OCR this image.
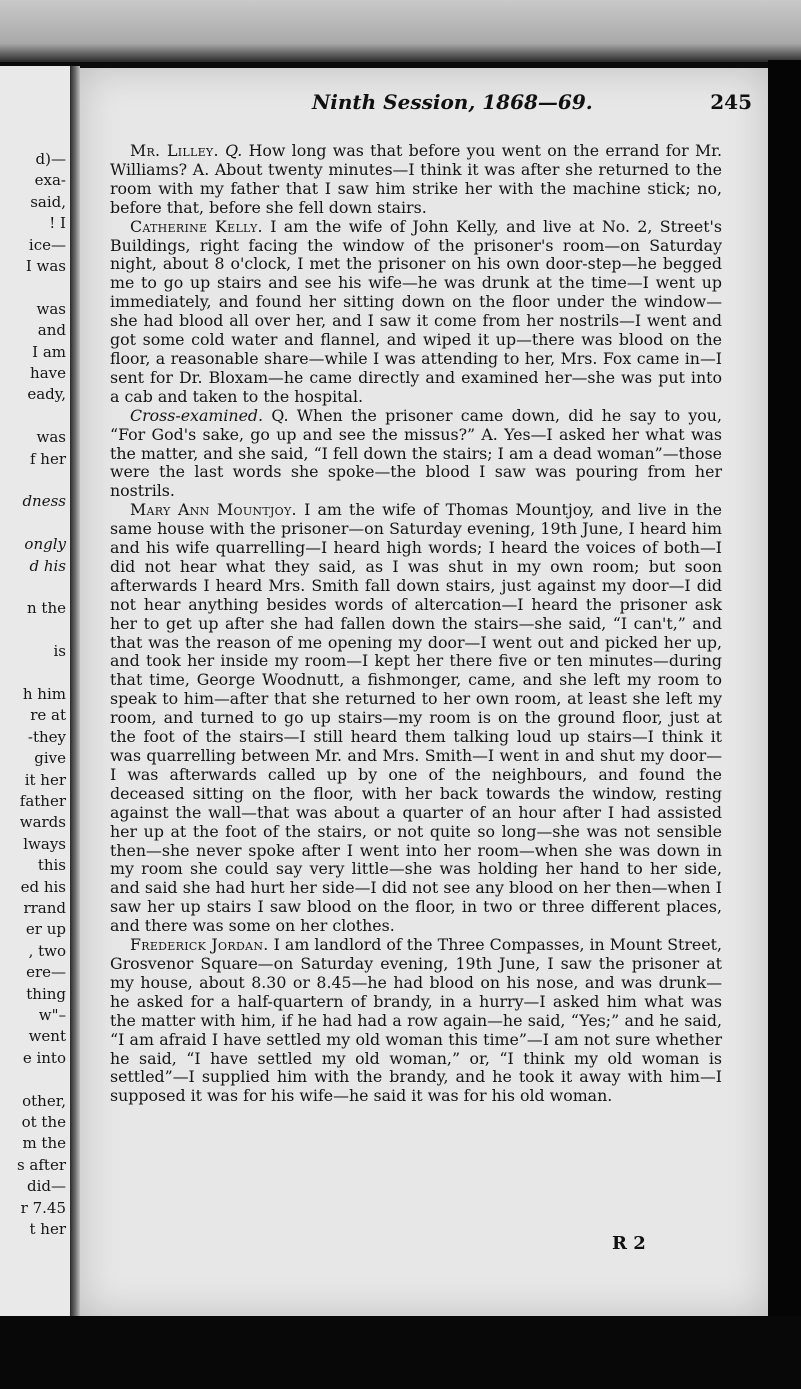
d)—
exa-
said,
! I
ice—
I was
was
and
I am
have
eady,
was
f her
dness
ongly
d his
n the
is
h him
re at
-they
give
it her
father
wards
lways
this
ed his
rrand
er up
, two
ere—
thing
w"–
went
e into
other,
ot the
m the
s after
did—
r 7.45
t her
Ninth Session, 1868—69.	245

Mr. Lilley. Q. How long was that before you went on the errand for Mr. Williams? A. About twenty minutes—I think it was after she returned to the room with my father that I saw him strike her with the machine stick; no, before that, before she fell down stairs.

Catherine Kelly. I am the wife of John Kelly, and live at No. 2, Street's Buildings, right facing the window of the prisoner's room—on Saturday night, about 8 o'clock, I met the prisoner on his own door-step—he begged me to go up stairs and see his wife—he was drunk at the time—I went up immediately, and found her sitting down on the floor under the window—she had blood all over her, and I saw it come from her nostrils—I went and got some cold water and flannel, and wiped it up—there was blood on the floor, a reasonable share—while I was attending to her, Mrs. Fox came in—I sent for Dr. Bloxam—he came directly and examined her—she was put into a cab and taken to the hospital.

Cross-examined. Q. When the prisoner came down, did he say to you, “For God's sake, go up and see the missus?” A. Yes—I asked her what was the matter, and she said, “I fell down the stairs; I am a dead woman”—those were the last words she spoke—the blood I saw was pouring from her nostrils.

Mary Ann Mountjoy. I am the wife of Thomas Mountjoy, and live in the same house with the prisoner—on Saturday evening, 19th June, I heard him and his wife quarrelling—I heard high words; I heard the voices of both—I did not hear what they said, as I was shut in my own room; but soon afterwards I heard Mrs. Smith fall down stairs, just against my door—I did not hear anything besides words of altercation—I heard the prisoner ask her to get up after she had fallen down the stairs—she said, “I can't,” and that was the reason of me opening my door—I went out and picked her up, and took her inside my room—I kept her there five or ten minutes—during that time, George Woodnutt, a fishmonger, came, and she left my room to speak to him—after that she returned to her own room, at least she left my room, and turned to go up stairs—my room is on the ground floor, just at the foot of the stairs—I still heard them talking loud up stairs—I think it was quarrelling between Mr. and Mrs. Smith—I went in and shut my door—I was afterwards called up by one of the neighbours, and found the deceased sitting on the floor, with her back towards the window, resting against the wall—that was about a quarter of an hour after I had assisted her up at the foot of the stairs, or not quite so long—she was not sensible then—she never spoke after I went into her room—when she was down in my room she could say very little—she was holding her hand to her side, and said she had hurt her side—I did not see any blood on her then—when I saw her up stairs I saw blood on the floor, in two or three different places, and there was some on her clothes.

Frederick Jordan. I am landlord of the Three Compasses, in Mount Street, Grosvenor Square—on Saturday evening, 19th June, I saw the prisoner at my house, about 8.30 or 8.45—he had blood on his nose, and was drunk—he asked for a half-quartern of brandy, in a hurry—I asked him what was the matter with him, if he had had a row again—he said, “Yes;” and he said, “I am afraid I have settled my old woman this time”—I am not sure whether he said, “I have settled my old woman,” or, “I think my old woman is settled”—I supplied him with the brandy, and he took it away with him—I supposed it was for his wife—he said it was for his old woman.

R 2
